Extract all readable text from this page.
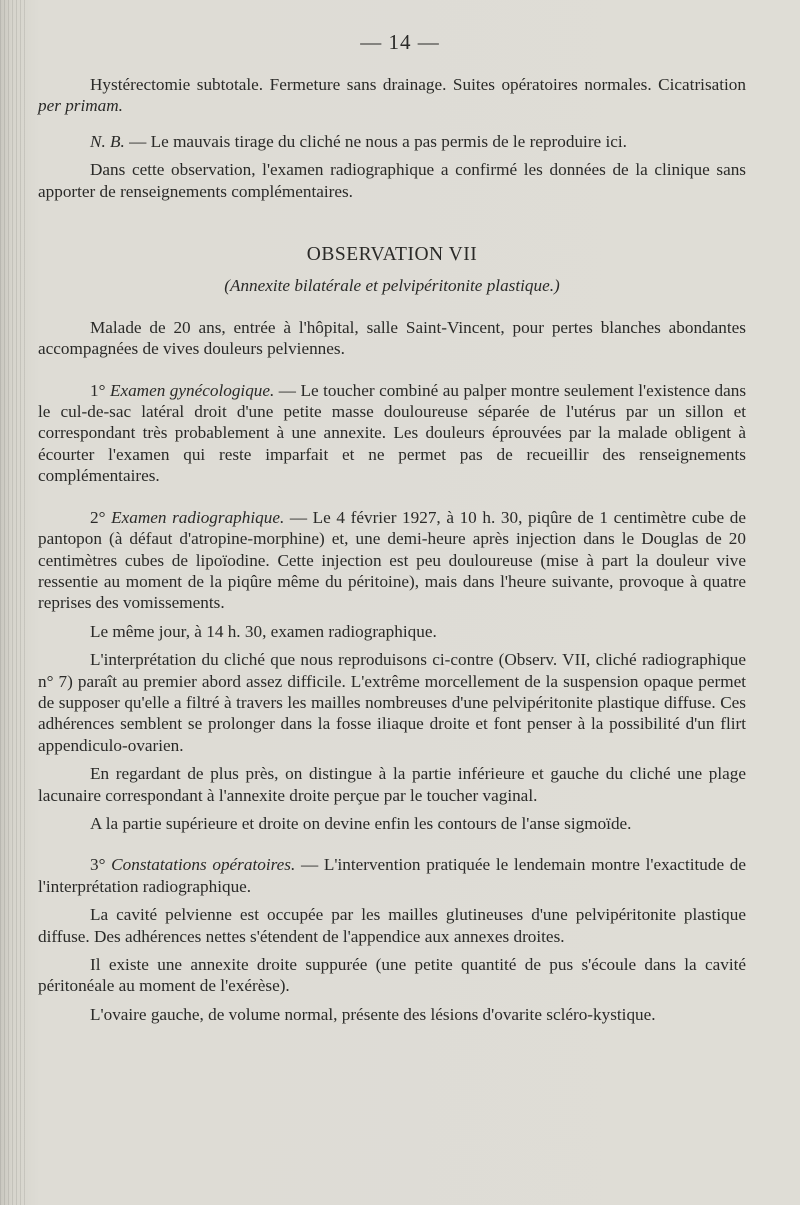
— 14 —

Hystérectomie subtotale. Fermeture sans drainage. Suites opératoires normales. Cicatrisation per primam.

N. B. — Le mauvais tirage du cliché ne nous a pas permis de le reproduire ici.

Dans cette observation, l'examen radiographique a confirmé les données de la clinique sans apporter de renseignements complémentaires.

OBSERVATION VII

(Annexite bilatérale et pelvipéritonite plastique.)

Malade de 20 ans, entrée à l'hôpital, salle Saint-Vincent, pour pertes blanches abondantes accompagnées de vives douleurs pelviennes.

1° Examen gynécologique. — Le toucher combiné au palper montre seulement l'existence dans le cul-de-sac latéral droit d'une petite masse douloureuse séparée de l'utérus par un sillon et correspondant très probablement à une annexite. Les douleurs éprouvées par la malade obligent à écourter l'examen qui reste imparfait et ne permet pas de recueillir des renseignements complémentaires.

2° Examen radiographique. — Le 4 février 1927, à 10 h. 30, piqûre de 1 centimètre cube de pantopon (à défaut d'atropine-morphine) et, une demi-heure après injection dans le Douglas de 20 centimètres cubes de lipoïodine. Cette injection est peu douloureuse (mise à part la douleur vive ressentie au moment de la piqûre même du péritoine), mais dans l'heure suivante, provoque à quatre reprises des vomissements.

Le même jour, à 14 h. 30, examen radiographique.

L'interprétation du cliché que nous reproduisons ci-contre (Observ. VII, cliché radiographique n° 7) paraît au premier abord assez difficile. L'extrême morcellement de la suspension opaque permet de supposer qu'elle a filtré à travers les mailles nombreuses d'une pelvipéritonite plastique diffuse. Ces adhérences semblent se prolonger dans la fosse iliaque droite et font penser à la possibilité d'un flirt appendiculo-ovarien.

En regardant de plus près, on distingue à la partie inférieure et gauche du cliché une plage lacunaire correspondant à l'annexite droite perçue par le toucher vaginal.

A la partie supérieure et droite on devine enfin les contours de l'anse sigmoïde.

3° Constatations opératoires. — L'intervention pratiquée le lendemain montre l'exactitude de l'interprétation radiographique.

La cavité pelvienne est occupée par les mailles glutineuses d'une pelvipéritonite plastique diffuse. Des adhérences nettes s'étendent de l'appendice aux annexes droites.

Il existe une annexite droite suppurée (une petite quantité de pus s'écoule dans la cavité péritonéale au moment de l'exérèse).

L'ovaire gauche, de volume normal, présente des lésions d'ovarite scléro-kystique.
